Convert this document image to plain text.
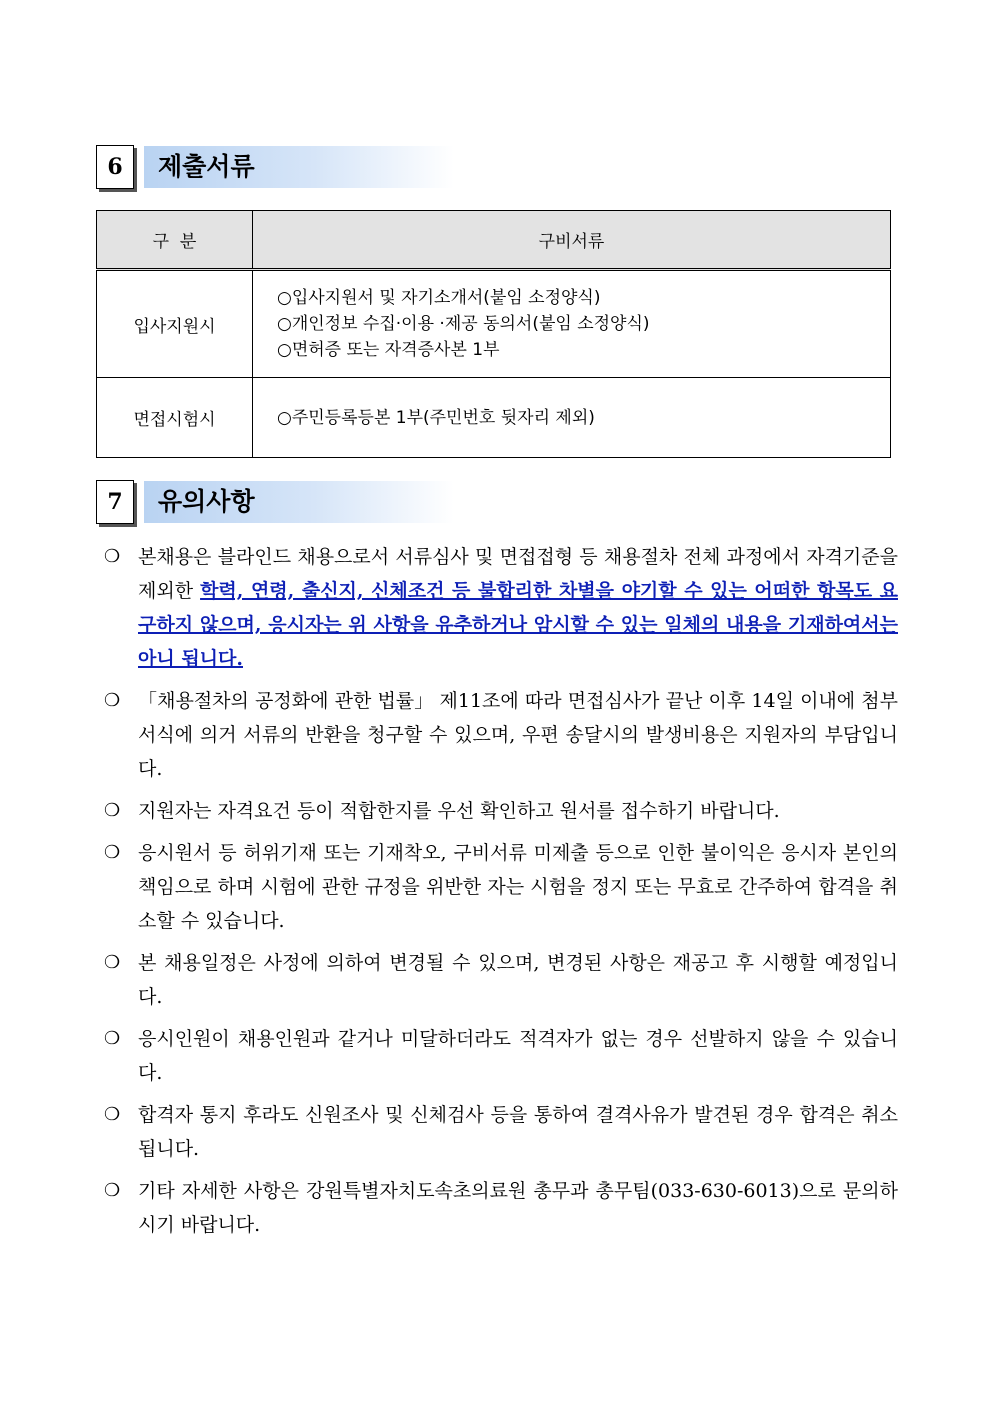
6	제출서류
구  분	구비서류
입사지원시	○입사지원서 및 자기소개서(붙임 소정양식)
○개인정보 수집·이용 ·제공 동의서(붙임 소정양식)
○면허증 또는 자격증사본 1부

면접시험시	○주민등록등본 1부(주민번호 뒷자리 제외)
7	유의사항
❍ 본채용은 블라인드 채용으로서 서류심사 및 면접접형 등 채용절차 전체 과정에서 자격기준을 제외한 학력, 연령, 출신지, 신체조건 등 불합리한 차별을 야기할 수 있는 어떠한 항목도 요구하지 않으며, 응시자는 위 사항을 유추하거나 암시할 수 있는 일체의 내용을 기재하여서는 아니 됩니다.
❍ 「채용절차의 공정화에 관한 법률」 제11조에 따라 면접심사가 끝난 이후 14일 이내에 첨부서식에 의거 서류의 반환을 청구할 수 있으며, 우편 송달시의 발생비용은 지원자의 부담입니다.
❍ 지원자는 자격요건 등이 적합한지를 우선 확인하고 원서를 접수하기 바랍니다.
❍ 응시원서 등 허위기재 또는 기재착오, 구비서류 미제출 등으로 인한 불이익은 응시자 본인의 책임으로 하며 시험에 관한 규정을 위반한 자는 시험을 정지 또는 무효로 간주하여 합격을 취소할 수 있습니다.
❍ 본 채용일정은 사정에 의하여 변경될 수 있으며, 변경된 사항은 재공고 후 시행할 예정입니다.
❍ 응시인원이 채용인원과 같거나 미달하더라도 적격자가 없는 경우 선발하지 않을 수 있습니다.
❍ 합격자 통지 후라도 신원조사 및 신체검사 등을 통하여 결격사유가 발견된 경우 합격은 취소됩니다.
❍ 기타 자세한 사항은 강원특별자치도속초의료원 총무과 총무팀(033-630-6013)으로 문의하시기 바랍니다.
